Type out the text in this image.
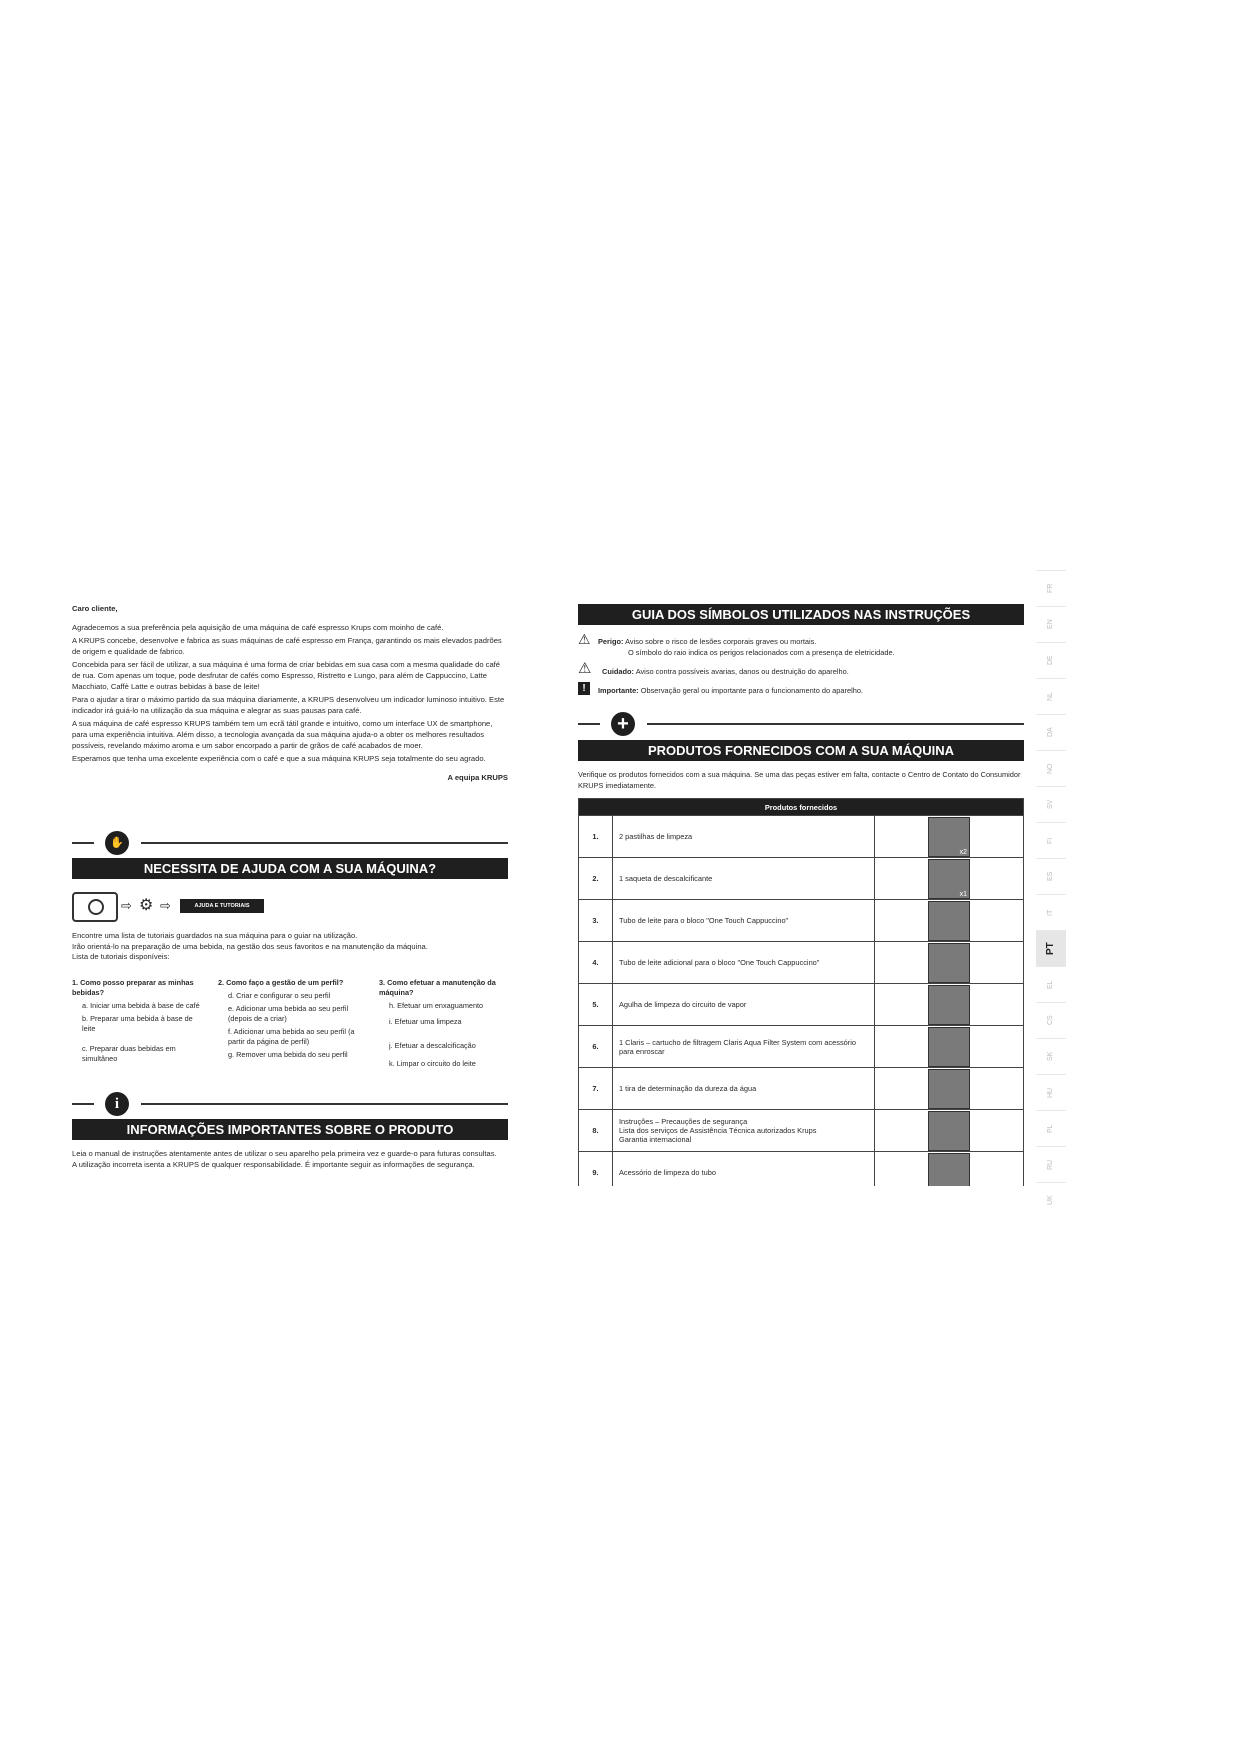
Caro cliente,

Agradecemos a sua preferência pela aquisição de uma máquina de café espresso Krups com moinho de café.

A KRUPS concebe, desenvolve e fabrica as suas máquinas de café espresso em França, garantindo os mais elevados padrões de origem e qualidade de fabrico.

Concebida para ser fácil de utilizar, a sua máquina é uma forma de criar bebidas em sua casa com a mesma qualidade do café de rua. Com apenas um toque, pode desfrutar de cafés como Espresso, Ristretto e Lungo, para além de Cappuccino, Latte Macchiato, Caffè Latte e outras bebidas à base de leite!

Para o ajudar a tirar o máximo partido da sua máquina diariamente, a KRUPS desenvolveu um indicador luminoso intuitivo. Este indicador irá guiá-lo na utilização da sua máquina e alegrar as suas pausas para café.

A sua máquina de café espresso KRUPS também tem um ecrã tátil grande e intuitivo, como um interface UX de smartphone, para uma experiência intuitiva. Além disso, a tecnologia avançada da sua máquina ajuda-o a obter os melhores resultados possíveis, revelando máximo aroma e um sabor encorpado a partir de grãos de café acabados de moer.

Esperamos que tenha uma excelente experiência com o café e que a sua máquina KRUPS seja totalmente do seu agrado.

A equipa KRUPS

✋
NECESSITA DE AJUDA COM A SUA MÁQUINA?
⇨ ⚙ ⇨	AJUDA E TUTORIAIS

Encontre uma lista de tutoriais guardados na sua máquina para o guiar na utilização.

Irão orientá-lo na preparação de uma bebida, na gestão dos seus favoritos e na manutenção da máquina.

Lista de tutoriais disponíveis:

1. Como posso preparar as minhas bebidas?
a. Iniciar uma bebida à base de café
b. Preparar uma bebida à base de leite
c. Preparar duas bebidas em simultâneo
2. Como faço a gestão de um perfil?
d. Criar e configurar o seu perfil
e. Adicionar uma bebida ao seu perfil (depois de a criar)
f. Adicionar uma bebida ao seu perfil (a partir da página de perfil)
g. Remover uma bebida do seu perfil
3. Como efetuar a manutenção da máquina?
h. Efetuar um enxaguamento
i. Efetuar uma limpeza
j. Efetuar a descalcificação
k. Limpar o circuito do leite
i
INFORMAÇÕES IMPORTANTES SOBRE O PRODUTO

Leia o manual de instruções atentamente antes de utilizar o seu aparelho pela primeira vez e guarde-o para futuras consultas.

A utilização incorreta isenta a KRUPS de qualquer responsabilidade. É importante seguir as informações de segurança.

GUIA DOS SÍMBOLOS UTILIZADOS NAS INSTRUÇÕES
⚠ Perigo: Aviso sobre o risco de lesões corporais graves ou mortais.
O símbolo do raio indica os perigos relacionados com a presença de eletricidade.
⚠ Cuidado: Aviso contra possíveis avarias, danos ou destruição do aparelho.
!	Importante: Observação geral ou importante para o funcionamento do aparelho.
+
PRODUTOS FORNECIDOS COM A SUA MÁQUINA
Verifique os produtos fornecidos com a sua máquina. Se uma das peças estiver em falta, contacte o Centro de Contato do Consumidor KRUPS imediatamente.
Produtos fornecidos		
1.	2 pastilhas de limpeza	x2

2.	1 saqueta de descalcificante	x1

3.	Tubo de leite para o bloco "One Touch Cappuccino"	
4.	Tubo de leite adicional para o bloco "One Touch Cappuccino"	
5.	Agulha de limpeza do circuito de vapor	
6.	1 Claris – cartucho de filtragem Claris Aqua Filter System com acessório para enroscar	
7.	1 tira de determinação da dureza da água	
8.	Instruções – Precauções de segurança
Lista dos serviços de Assistência Técnica autorizados Krups
Garantia internacional	
9.	Acessório de limpeza do tubo	
FR
EN
DE
NL
DA
NO
SV
FI
ES
IT
PT
EL
CS
SK
HU
PL
RU
UK
